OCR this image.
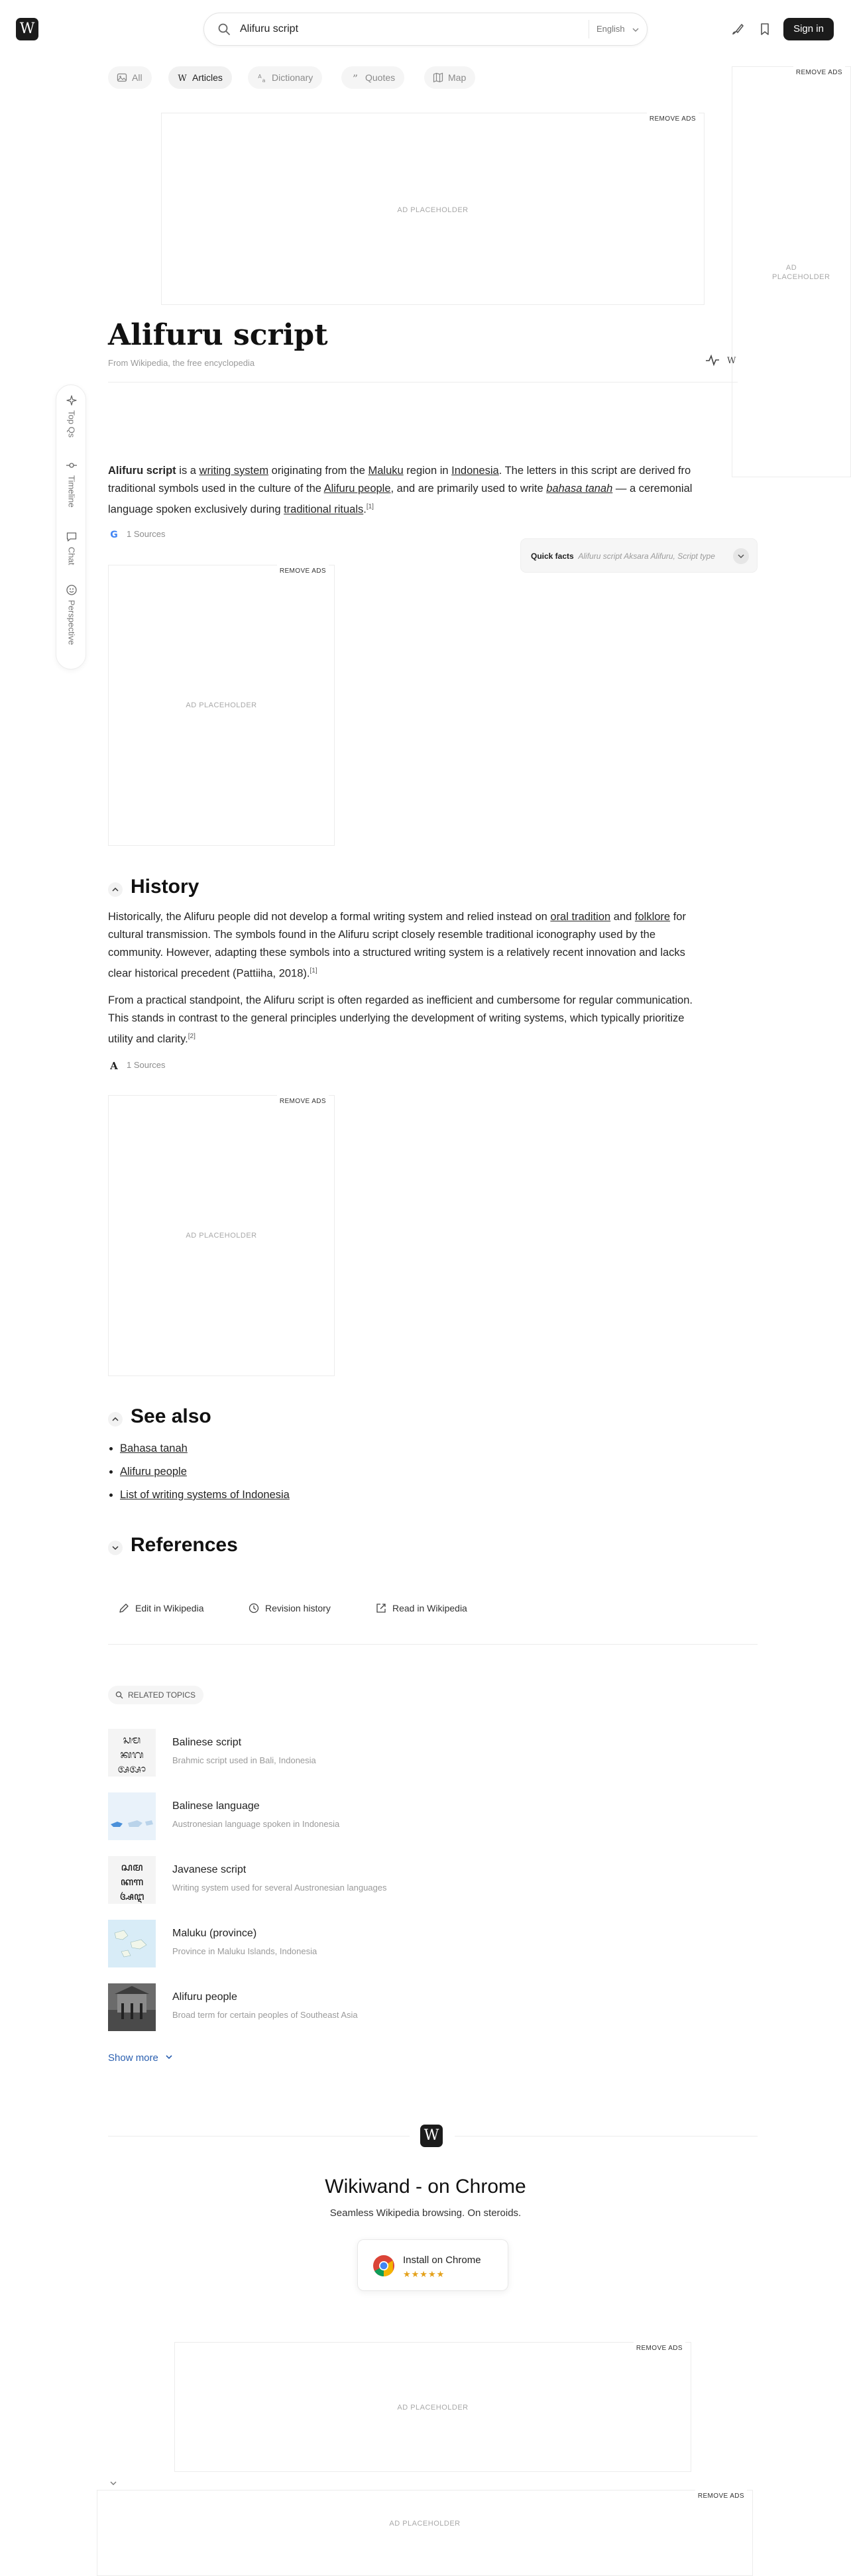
W	Alifuru script	English	Sign in
All	W Articles	A
a Dictionary	” Quotes	Map
REMOVE ADS
AD PLACEHOLDER
REMOVE ADS
AD PLACEHOLDER
Alifuru script
From Wikipedia, the free encyclopedia	W
Top Qs
Timeline
Chat
Perspective
Alifuru script is a writing system originating from the Maluku region in Indonesia. The letters in this script are derived fro
traditional symbols used in the culture of the Alifuru people, and are primarily used to write bahasa tanah — a ceremonial
language spoken exclusively during traditional rituals.[1]
G 1 Sources
Quick facts Alifuru script Aksara Alifuru, Script type
REMOVE ADS
AD PLACEHOLDER
History
Historically, the Alifuru people did not develop a formal writing system and relied instead on oral tradition and folklore for
cultural transmission. The symbols found in the Alifuru script closely resemble traditional iconography used by the
community. However, adapting these symbols into a structured writing system is a relatively recent innovation and lacks
clear historical precedent (Pattiiha, 2018).[1]
From a practical standpoint, the Alifuru script is often regarded as inefficient and cumbersome for regular communication.
This stands in contrast to the general principles underlying the development of writing systems, which typically prioritize
utility and clarity.[2]
A 1 Sources
REMOVE ADS
AD PLACEHOLDER
See also
• Bahasa tanah
• Alifuru people
• List of writing systems of Indonesia
References
Edit in Wikipedia	Revision history	Read in Wikipedia
RELATED TOPICS
ᬲᬫ
ᬓᬕ
ᬅᬆ
Balinese script
Brahmic script used in Bali, Indonesia
Balinese language
Austronesian language spoken in Indonesia
ꦱꦩ
ꦏꦒ
ꦄꦅ
Javanese script
Writing system used for several Austronesian languages
Maluku (province)
Province in Maluku Islands, Indonesia
Alifuru people
Broad term for certain peoples of Southeast Asia
Show more
W
Wikiwand - on Chrome
Seamless Wikipedia browsing. On steroids.
Install on Chrome
★★★★★
REMOVE ADS
AD PLACEHOLDER
REMOVE ADS
AD PLACEHOLDER
